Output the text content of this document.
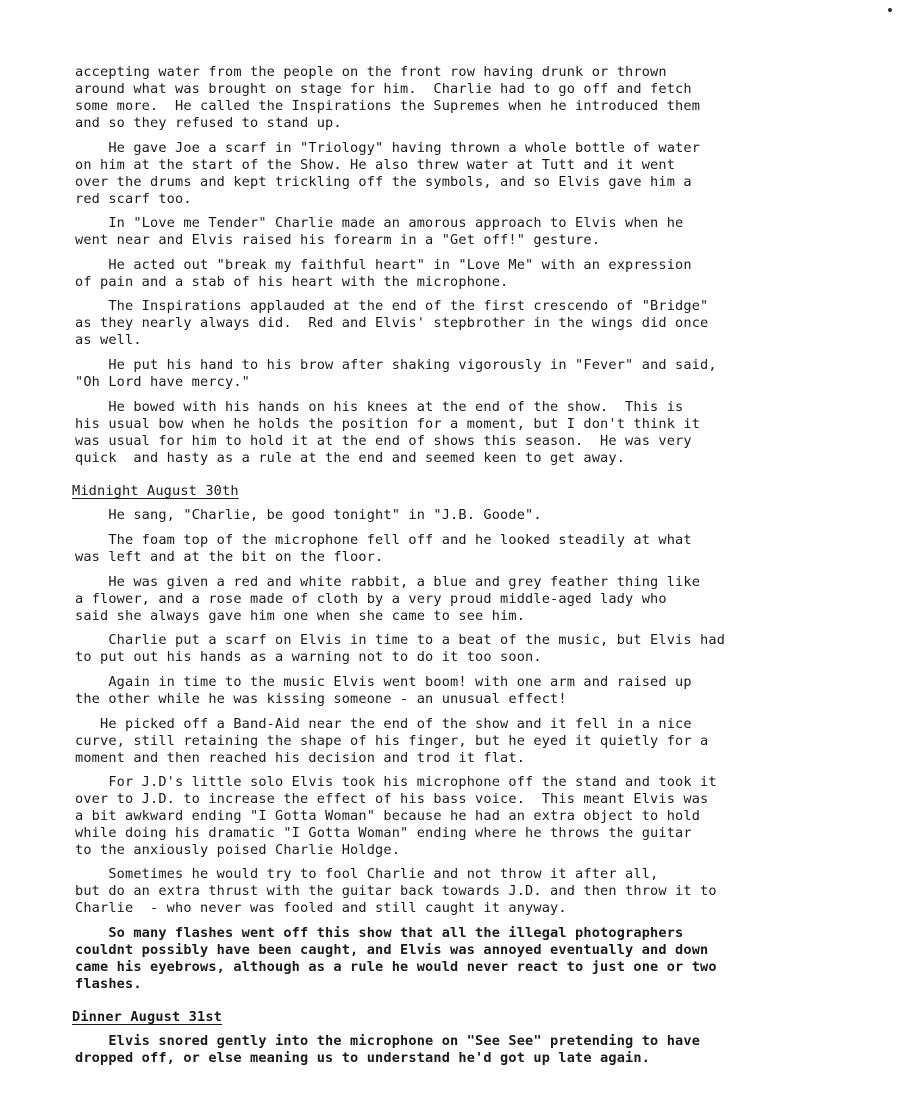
accepting water from the people on the front row having drunk or thrown
around what was brought on stage for him.  Charlie had to go off and fetch
some more.  He called the Inspirations the Supremes when he introduced them
and so they refused to stand up.
He gave Joe a scarf in "Triology" having thrown a whole bottle of water
on him at the start of the Show. He also threw water at Tutt and it went
over the drums and kept trickling off the symbols, and so Elvis gave him a
red scarf too.
In "Love me Tender" Charlie made an amorous approach to Elvis when he
went near and Elvis raised his forearm in a "Get off!" gesture.
He acted out "break my faithful heart" in "Love Me" with an expression
of pain and a stab of his heart with the microphone.
The Inspirations applauded at the end of the first crescendo of "Bridge"
as they nearly always did.  Red and Elvis' stepbrother in the wings did once
as well.
He put his hand to his brow after shaking vigorously in "Fever" and said,
"Oh Lord have mercy."
He bowed with his hands on his knees at the end of the show.  This is
his usual bow when he holds the position for a moment, but I don't think it
was usual for him to hold it at the end of shows this season.  He was very
quick  and hasty as a rule at the end and seemed keen to get away.
Midnight August 30th
He sang, "Charlie, be good tonight" in "J.B. Goode".
The foam top of the microphone fell off and he looked steadily at what
was left and at the bit on the floor.
He was given a red and white rabbit, a blue and grey feather thing like
a flower, and a rose made of cloth by a very proud middle-aged lady who
said she always gave him one when she came to see him.
Charlie put a scarf on Elvis in time to a beat of the music, but Elvis had
to put out his hands as a warning not to do it too soon.
Again in time to the music Elvis went boom! with one arm and raised up
the other while he was kissing someone - an unusual effect!
He picked off a Band-Aid near the end of the show and it fell in a nice
curve, still retaining the shape of his finger, but he eyed it quietly for a
moment and then reached his decision and trod it flat.
For J.D's little solo Elvis took his microphone off the stand and took it
over to J.D. to increase the effect of his bass voice.  This meant Elvis was
a bit awkward ending "I Gotta Woman" because he had an extra object to hold
while doing his dramatic "I Gotta Woman" ending where he throws the guitar
to the anxiously poised Charlie Holdge.
Sometimes he would try to fool Charlie and not throw it after all,
but do an extra thrust with the guitar back towards J.D. and then throw it to
Charlie  - who never was fooled and still caught it anyway.
So many flashes went off this show that all the illegal photographers
couldnt possibly have been caught, and Elvis was annoyed eventually and down
came his eyebrows, although as a rule he would never react to just one or two
flashes.
Dinner August 31st
Elvis snored gently into the microphone on "See See" pretending to have
dropped off, or else meaning us to understand he'd got up late again.
